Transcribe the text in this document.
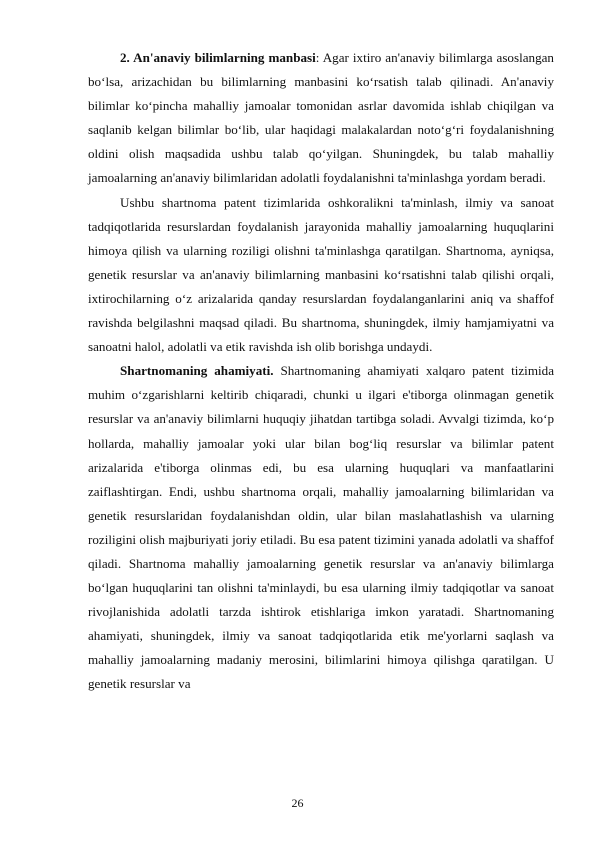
2. An'anaviy bilimlarning manbasi: Agar ixtiro an'anaviy bilimlarga asoslangan bo‘lsa, arizachidan bu bilimlarning manbasini ko‘rsatish talab qilinadi. An'anaviy bilimlar ko‘pincha mahalliy jamoalar tomonidan asrlar davomida ishlab chiqilgan va saqlanib kelgan bilimlar bo‘lib, ular haqidagi malakalardan noto‘g‘ri foydalanishning oldini olish maqsadida ushbu talab qo‘yilgan. Shuningdek, bu talab mahalliy jamoalarning an'anaviy bilimlaridan adolatli foydalanishni ta'minlashga yordam beradi.

Ushbu shartnoma patent tizimlarida oshkoralikni ta'minlash, ilmiy va sanoat tadqiqotlarida resurslardan foydalanish jarayonida mahalliy jamoalarning huquqlarini himoya qilish va ularning roziligi olishni ta'minlashga qaratilgan. Shartnoma, ayniqsa, genetik resurslar va an'anaviy bilimlarning manbasini ko‘rsatishni talab qilishi orqali, ixtirochilarning o‘z arizalarida qanday resurslardan foydalanganlarini aniq va shaffof ravishda belgilashni maqsad qiladi. Bu shartnoma, shuningdek, ilmiy hamjamiyatni va sanoatni halol, adolatli va etik ravishda ish olib borishga undaydi.

Shartnomaning ahamiyati. Shartnomaning ahamiyati xalqaro patent tizimida muhim o‘zgarishlarni keltirib chiqaradi, chunki u ilgari e'tiborga olinmagan genetik resurslar va an'anaviy bilimlarni huquqiy jihatdan tartibga soladi. Avvalgi tizimda, ko‘p hollarda, mahalliy jamoalar yoki ular bilan bog‘liq resurslar va bilimlar patent arizalarida e'tiborga olinmas edi, bu esa ularning huquqlari va manfaatlarini zaiflashtirgan. Endi, ushbu shartnoma orqali, mahalliy jamoalarning bilimlaridan va genetik resurslaridan foydalanishdan oldin, ular bilan maslahatlashish va ularning roziligini olish majburiyati joriy etiladi. Bu esa patent tizimini yanada adolatli va shaffof qiladi. Shartnoma mahalliy jamoalarning genetik resurslar va an'anaviy bilimlarga bo‘lgan huquqlarini tan olishni ta'minlaydi, bu esa ularning ilmiy tadqiqotlar va sanoat rivojlanishida adolatli tarzda ishtirok etishlariga imkon yaratadi. Shartnomaning ahamiyati, shuningdek, ilmiy va sanoat tadqiqotlarida etik me'yorlarni saqlash va mahalliy jamoalarning madaniy merosini, bilimlarini himoya qilishga qaratilgan. U genetik resurslar va

26
